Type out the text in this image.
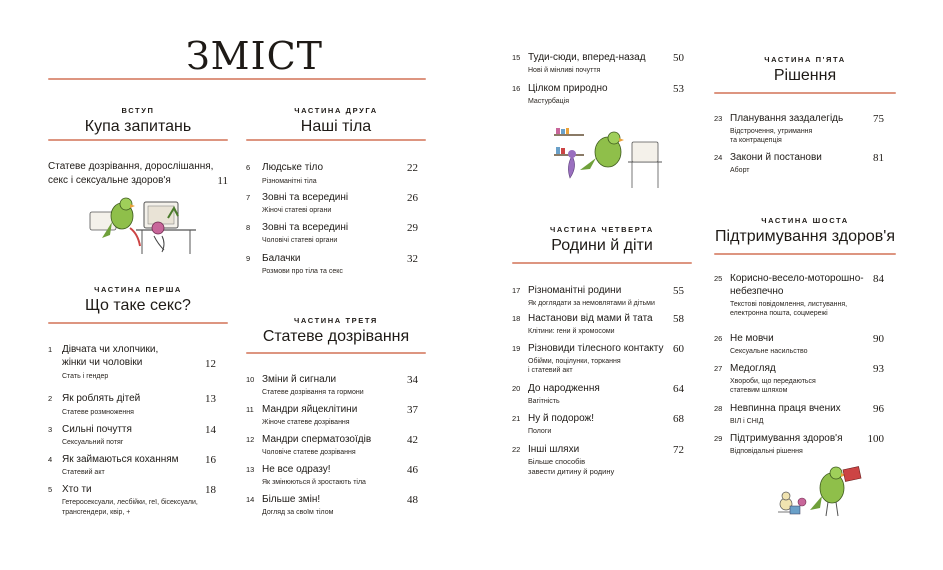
ЗМІСТ
ВСТУП
Купа запитань
Статеве дозрівання, дорослішання,
секс і сексуальне здоров'я	11
ЧАСТИНА ПЕРША
Що таке секс?
1 Дівчата чи хлопчики,
жінки чи чоловіки
Стать і гендер
12
2 Як роблять дітей
Статеве розмноження
13
3 Сильні почуття
Сексуальний потяг
14
4 Як займаються коханням
Статевий акт
16
5 Хто ти
Гетеросексуали, лесбійки, геї, бісексуали,
трансгендери, квір, +
18
ЧАСТИНА ДРУГА
Наші тіла
6 Людське тіло
Різноманітні тіла
22
7 Зовні та всередині
Жіночі статеві органи
26
8 Зовні та всередині
Чоловічі статеві органи
29
9 Балачки
Розмови про тіла та секс
32
ЧАСТИНА ТРЕТЯ
Статеве дозрівання
10 Зміни й сигнали
Статеве дозрівання та гормони
34
11 Мандри яйцеклітини
Жіноче статеве дозрівання
37
12 Мандри сперматозоїдів
Чоловіче статеве дозрівання
42
13 Не все одразу!
Як змінюються й зростають тіла
46
14 Більше змін!
Догляд за своїм тілом
48
15 Туди-сюди, вперед-назад
Нові й мінливі почуття
50
16 Цілком природно
Мастурбація
53
ЧАСТИНА ЧЕТВЕРТА
Родини й діти
17 Різноманітні родини
Як доглядати за немовлятами й дітьми
55
18 Настанови від мами й тата
Клітини: гени й хромосоми
58
19 Різновиди тілесного контакту
Обійми, поцілунки, торкання
і статевий акт
60
20 До народження
Вагітність
64
21 Ну й подорож!
Пологи
68
22 Інші шляхи
Більше способів
завести дитину й родину
72
ЧАСТИНА П'ЯТА
Рішення
23 Планування заздалегідь
Відстрочення, утримання
та контрацепція
75
24 Закони й постанови
Аборт
81
ЧАСТИНА ШОСТА
Підтримування здоров'я
25 Корисно-весело-моторошно-
небезпечно
Текстові повідомлення, листування,
електронна пошта, соцмережі
84
26 Не мовчи
Сексуальне насильство
90
27 Медогляд
Хвороби, що передаються
статевим шляхом
93
28 Невпинна праця вчених
ВІЛ і СНІД
96
29 Підтримування здоров'я
Відповідальні рішення
100
